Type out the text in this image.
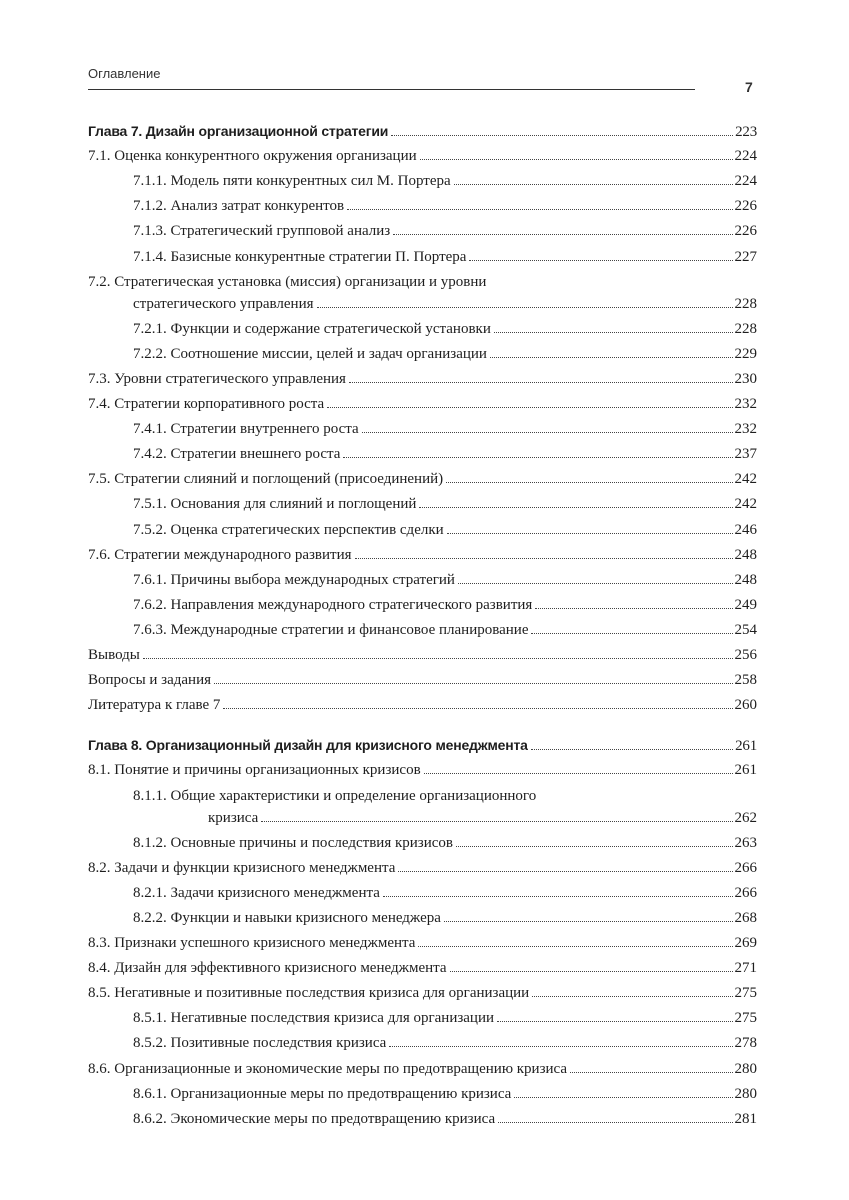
Оглавление
7
Глава 7. Дизайн организационной стратегии	223
7.1. Оценка конкурентного окружения организации	224
7.1.1. Модель пяти конкурентных сил М. Портера	224
7.1.2. Анализ затрат конкурентов	226
7.1.3. Стратегический групповой анализ	226
7.1.4. Базисные конкурентные стратегии П. Портера	227
7.2. Стратегическая установка (миссия) организации и уровни
стратегического управления	228
7.2.1. Функции и содержание стратегической установки	228
7.2.2. Соотношение миссии, целей и задач организации	229
7.3. Уровни стратегического управления	230
7.4. Стратегии корпоративного роста	232
7.4.1. Стратегии внутреннего роста	232
7.4.2. Стратегии внешнего роста	237
7.5. Стратегии слияний и поглощений (присоединений)	242
7.5.1. Основания для слияний и поглощений	242
7.5.2. Оценка стратегических перспектив сделки	246
7.6. Стратегии международного развития	248
7.6.1. Причины выбора международных стратегий	248
7.6.2. Направления международного стратегического развития	249
7.6.3. Международные стратегии и финансовое планирование	254
Выводы	256
Вопросы и задания	258
Литература к главе 7	260
Глава 8. Организационный дизайн для кризисного менеджмента	261
8.1. Понятие и причины организационных кризисов	261
8.1.1. Общие характеристики и определение организационного
кризиса	262
8.1.2. Основные причины и последствия кризисов	263
8.2. Задачи и функции кризисного менеджмента	266
8.2.1. Задачи кризисного менеджмента	266
8.2.2. Функции и навыки кризисного менеджера	268
8.3. Признаки успешного кризисного менеджмента	269
8.4. Дизайн для эффективного кризисного менеджмента	271
8.5. Негативные и позитивные последствия кризиса для организации	275
8.5.1. Негативные последствия кризиса для организации	275
8.5.2. Позитивные последствия кризиса	278
8.6. Организационные и экономические меры по предотвращению кризиса	280
8.6.1. Организационные меры по предотвращению кризиса	280
8.6.2. Экономические меры по предотвращению кризиса	281
